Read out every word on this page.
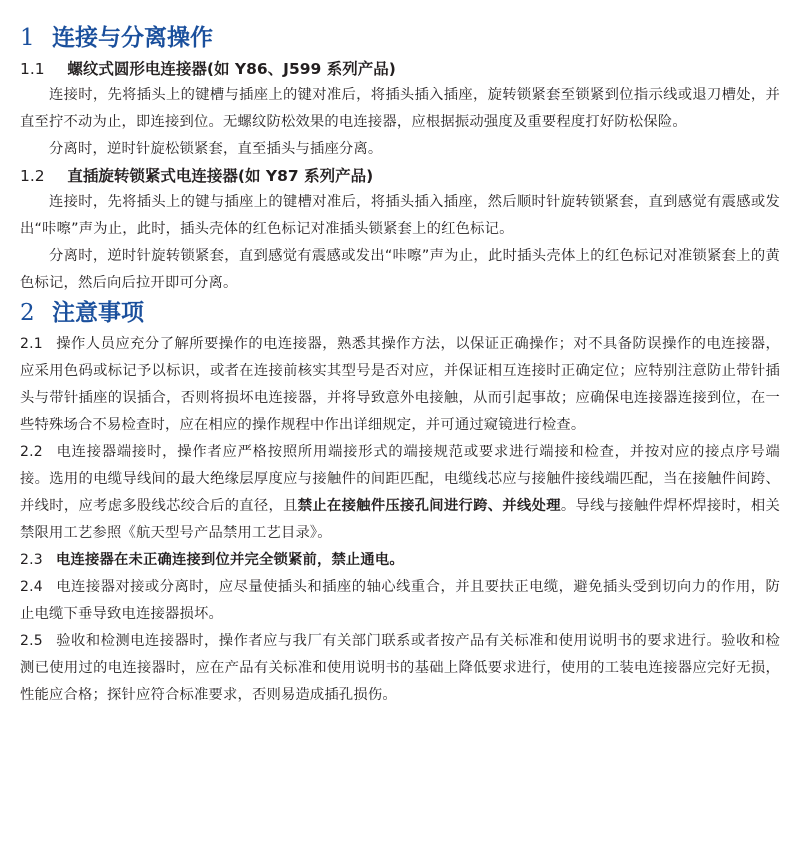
1 连接与分离操作
1.1 螺纹式圆形电连接器(如 Y86、J599 系列产品)

连接时，先将插头上的键槽与插座上的键对准后，将插头插入插座，旋转锁紧套至锁紧到位指示线或退刀槽处，并直至拧不动为止，即连接到位。无螺纹防松效果的电连接器，应根据振动强度及重要程度打好防松保险。

分离时，逆时针旋松锁紧套，直至插头与插座分离。

1.2 直插旋转锁紧式电连接器(如 Y87 系列产品)

连接时，先将插头上的键与插座上的键槽对准后，将插头插入插座，然后顺时针旋转锁紧套，直到感觉有震感或发出“咔嚓”声为止，此时，插头壳体的红色标记对准插头锁紧套上的红色标记。

分离时，逆时针旋转锁紧套，直到感觉有震感或发出“咔嚓”声为止，此时插头壳体上的红色标记对准锁紧套上的黄色标记，然后向后拉开即可分离。

2 注意事项

2.1 操作人员应充分了解所要操作的电连接器，熟悉其操作方法，以保证正确操作；对不具备防误操作的电连接器，应采用色码或标记予以标识，或者在连接前核实其型号是否对应，并保证相互连接时正确定位；应特别注意防止带针插头与带针插座的误插合，否则将损坏电连接器，并将导致意外电接触，从而引起事故；应确保电连接器连接到位，在一些特殊场合不易检查时，应在相应的操作规程中作出详细规定，并可通过窥镜进行检查。

2.2 电连接器端接时，操作者应严格按照所用端接形式的端接规范或要求进行端接和检查，并按对应的接点序号端接。选用的电缆导线间的最大绝缘层厚度应与接触件的间距匹配，电缆线芯应与接触件接线端匹配，当在接触件间跨、并线时，应考虑多股线芯绞合后的直径，且禁止在接触件压接孔间进行跨、并线处理。导线与接触件焊杯焊接时，相关禁限用工艺参照《航天型号产品禁用工艺目录》。

2.3 电连接器在未正确连接到位并完全锁紧前，禁止通电。

2.4 电连接器对接或分离时，应尽量使插头和插座的轴心线重合，并且要扶正电缆，避免插头受到切向力的作用，防止电缆下垂导致电连接器损坏。

2.5 验收和检测电连接器时，操作者应与我厂有关部门联系或者按产品有关标准和使用说明书的要求进行。验收和检测已使用过的电连接器时，应在产品有关标准和使用说明书的基础上降低要求进行，使用的工装电连接器应完好无损，性能应合格；探针应符合标准要求，否则易造成插孔损伤。
